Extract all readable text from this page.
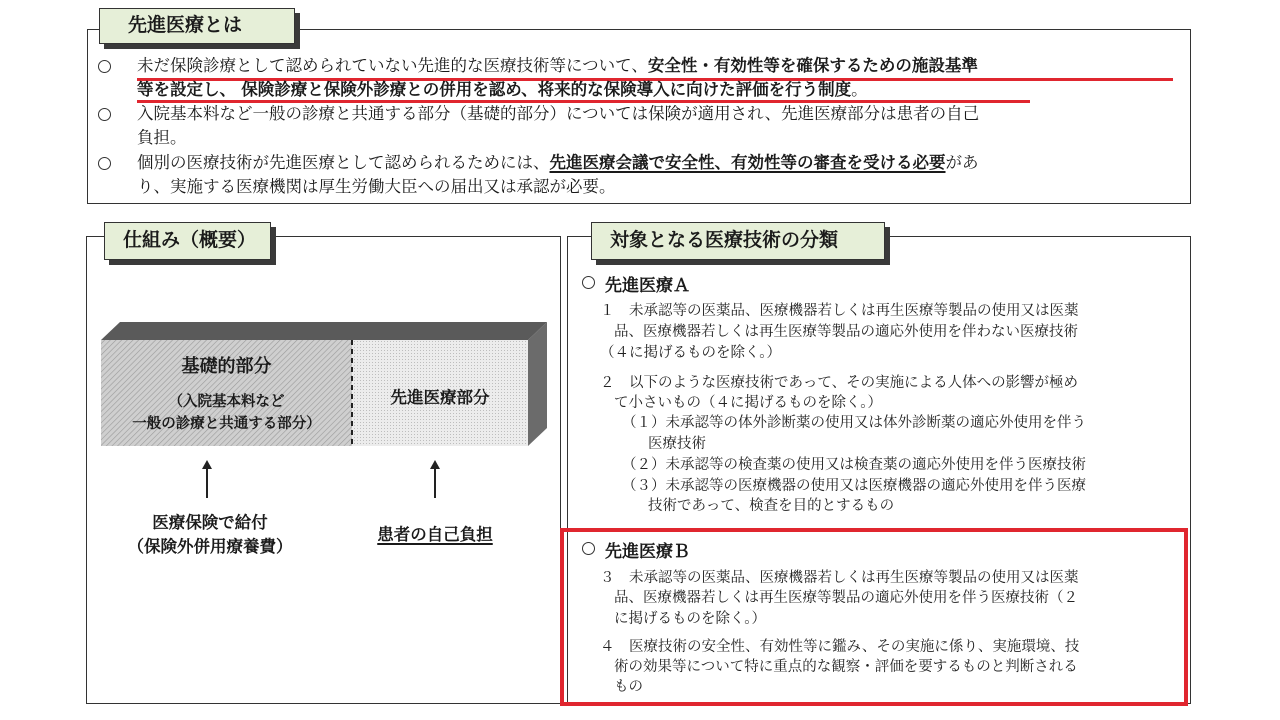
先進医療とは
未だ保険診療として認められていない先進的な医療技術等について、安全性・有効性等を確保するための施設基準
等を設定し、 保険診療と保険外診療との併用を認め、将来的な保険導入に向けた評価を行う制度。
入院基本料など一般の診療と共通する部分（基礎的部分）については保険が適用され、先進医療部分は患者の自己
負担。
個別の医療技術が先進医療として認められるためには、先進医療会議で安全性、有効性等の審査を受ける必要があ
り、実施する医療機関は厚生労働大臣への届出又は承認が必要。
仕組み（概要）
基礎的部分
（入院基本料など
一般の診療と共通する部分）
先進医療部分
医療保険で給付
（保険外併用療養費）
患者の自己負担
対象となる医療技術の分類
先進医療Ａ
１　未承認等の医薬品、医療機器若しくは再生医療等製品の使用又は医薬
品、医療機器若しくは再生医療等製品の適応外使用を伴わない医療技術
（４に掲げるものを除く。）
２　以下のような医療技術であって、その実施による人体への影響が極め
て小さいもの（４に掲げるものを除く。）
（１）未承認等の体外診断薬の使用又は体外診断薬の適応外使用を伴う
医療技術
（２）未承認等の検査薬の使用又は検査薬の適応外使用を伴う医療技術
（３）未承認等の医療機器の使用又は医療機器の適応外使用を伴う医療
技術であって、検査を目的とするもの
先進医療Ｂ
３　未承認等の医薬品、医療機器若しくは再生医療等製品の使用又は医薬
品、医療機器若しくは再生医療等製品の適応外使用を伴う医療技術（２
に掲げるものを除く。）
４　医療技術の安全性、有効性等に鑑み、その実施に係り、実施環境、技
術の効果等について特に重点的な観察・評価を要するものと判断される
もの
